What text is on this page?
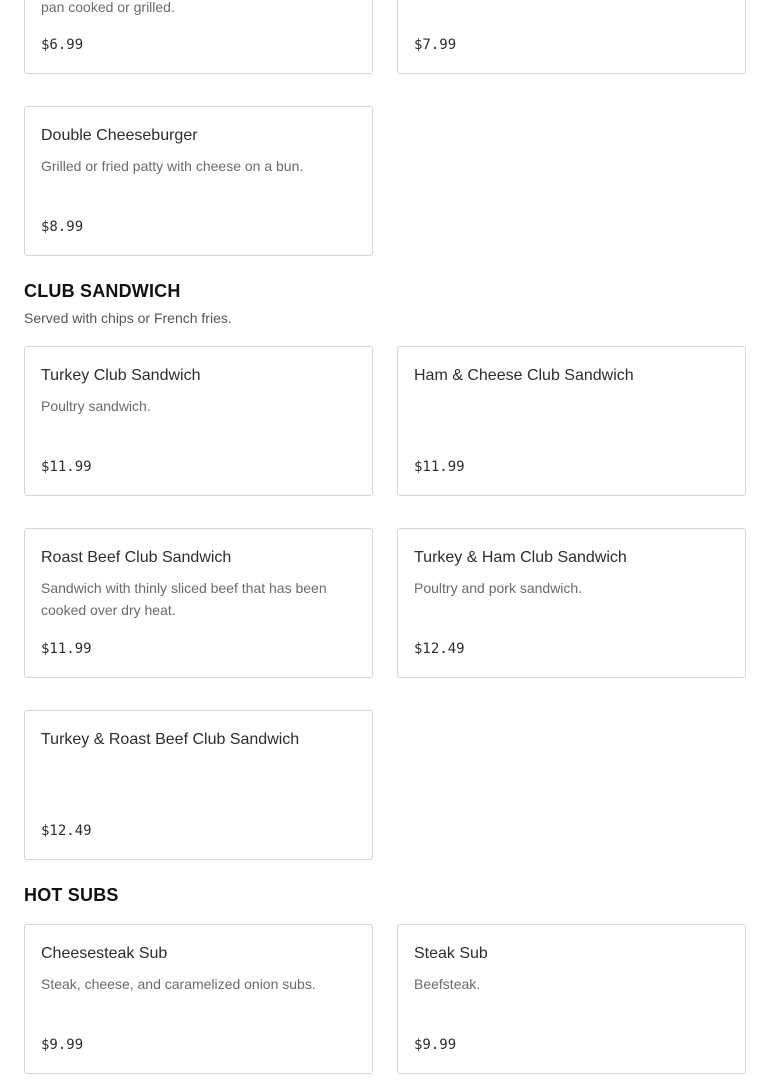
pan cooked or grilled.
$6.99	$7.99
Double Cheeseburger
Grilled or fried patty with cheese on a bun.
$8.99
CLUB SANDWICH
Served with chips or French fries.
Turkey Club Sandwich
Poultry sandwich.
$11.99
Ham & Cheese Club Sandwich
$11.99
Roast Beef Club Sandwich
Sandwich with thinly sliced beef that has been cooked over dry heat.
$11.99
Turkey & Ham Club Sandwich
Poultry and pork sandwich.
$12.49
Turkey & Roast Beef Club Sandwich
$12.49
HOT SUBS
Cheesesteak Sub
Steak, cheese, and caramelized onion subs.
$9.99
Steak Sub
Beefsteak.
$9.99
